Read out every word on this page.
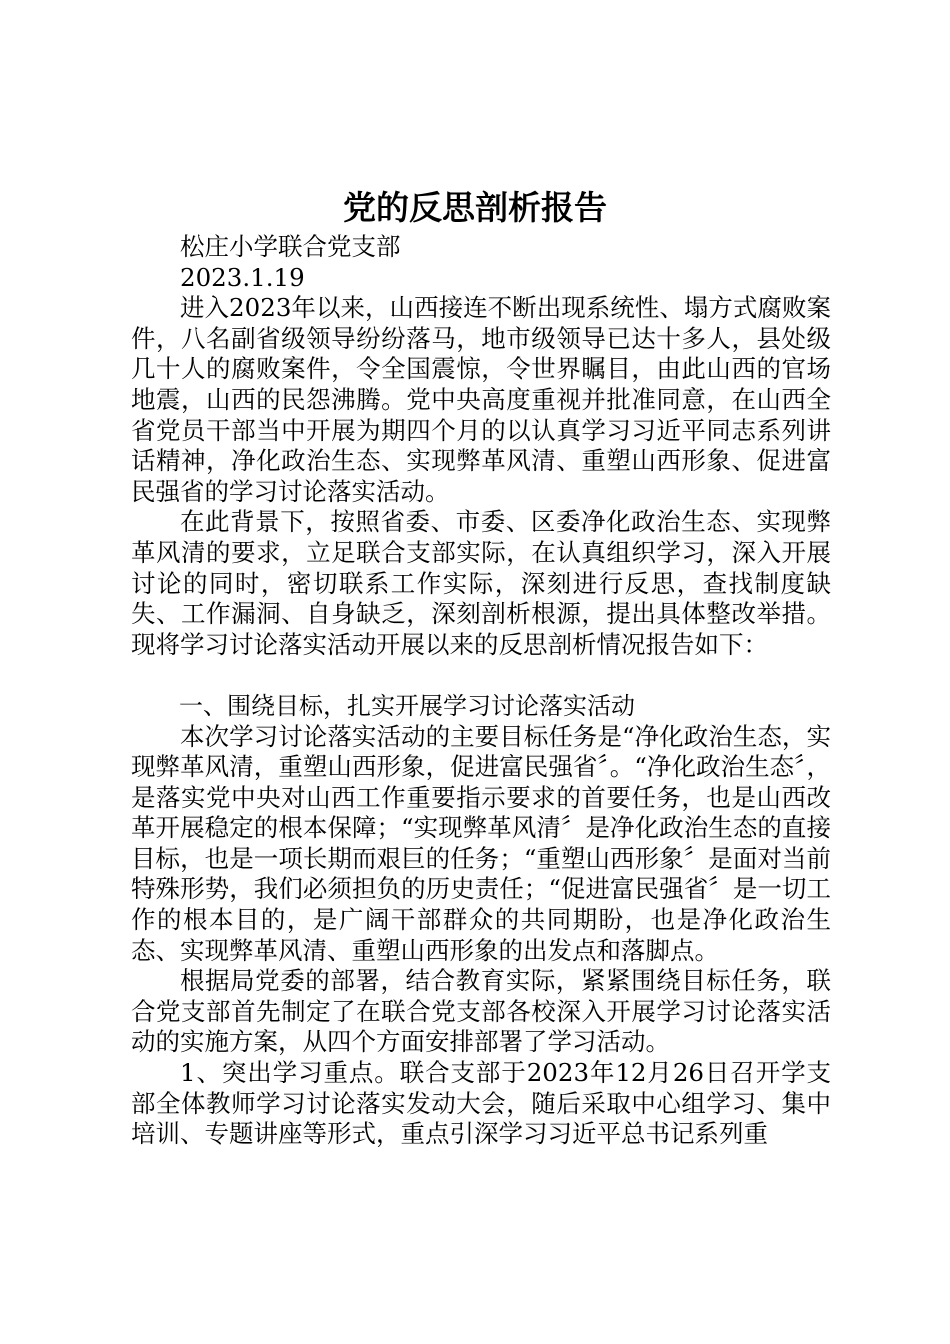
党的反思剖析报告

松庄小学联合党支部

2023.1.19

进入2023年以来，山西接连不断出现系统性、塌方式腐败案件，八名副省级领导纷纷落马，地市级领导已达十多人，县处级几十人的腐败案件，令全国震惊，令世界瞩目，由此山西的官场地震，山西的民怨沸腾。党中央高度重视并批准同意，在山西全省党员干部当中开展为期四个月的以认真学习习近平同志系列讲话精神，净化政治生态、实现弊革风清、重塑山西形象、促进富民强省的学习讨论落实活动。

在此背景下，按照省委、市委、区委净化政治生态、实现弊革风清的要求，立足联合支部实际，在认真组织学习，深入开展讨论的同时，密切联系工作实际，深刻进行反思，查找制度缺失、工作漏洞、自身缺乏，深刻剖析根源，提出具体整改举措。现将学习讨论落实活动开展以来的反思剖析情况报告如下：

一、围绕目标，扎实开展学习讨论落实活动

本次学习讨论落实活动的主要目标任务是“净化政治生态，实现弊革风清，重塑山西形象，促进富民强省〞。“净化政治生态〞，是落实党中央对山西工作重要指示要求的首要任务，也是山西改革开展稳定的根本保障；“实现弊革风清〞是净化政治生态的直接目标，也是一项长期而艰巨的任务；“重塑山西形象〞是面对当前特殊形势，我们必须担负的历史责任；“促进富民强省〞是一切工作的根本目的，是广阔干部群众的共同期盼，也是净化政治生态、实现弊革风清、重塑山西形象的出发点和落脚点。

根据局党委的部署，结合教育实际，紧紧围绕目标任务，联合党支部首先制定了在联合党支部各校深入开展学习讨论落实活动的实施方案，从四个方面安排部署了学习活动。

1、突出学习重点。联合支部于2023年12月26日召开学支部全体教师学习讨论落实发动大会，随后采取中心组学习、集中培训、专题讲座等形式，重点引深学习习近平总书记系列重
